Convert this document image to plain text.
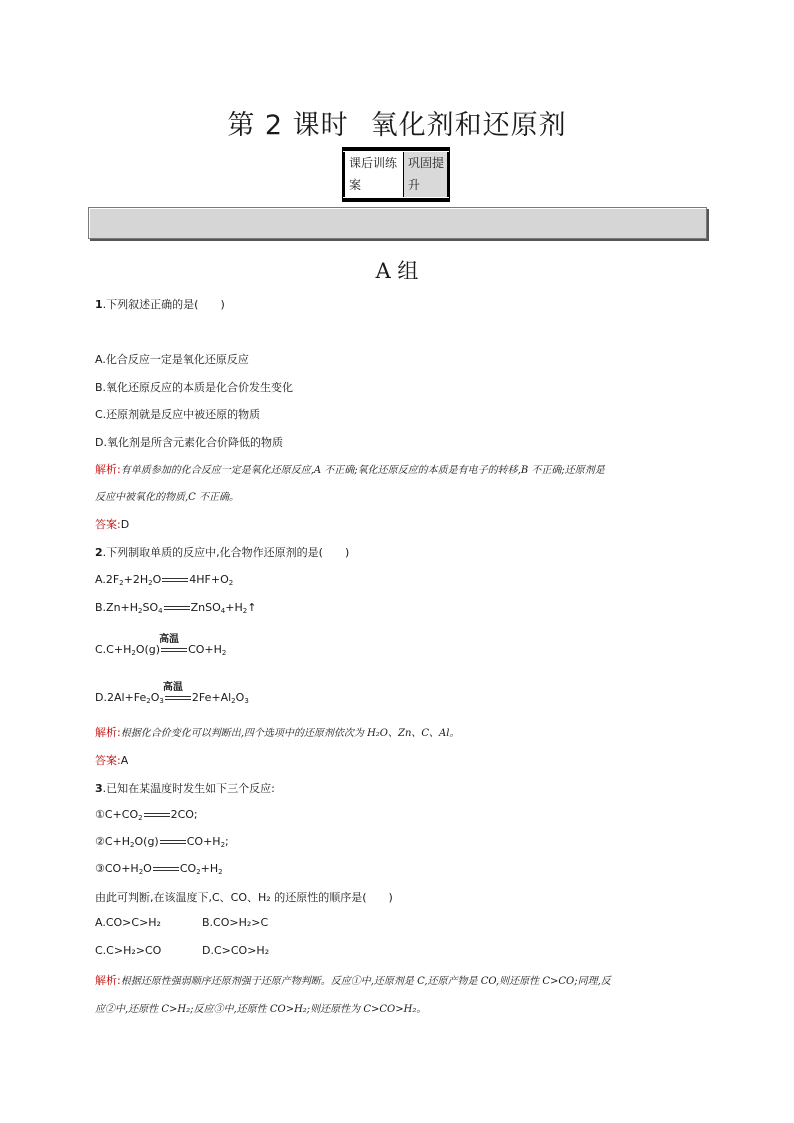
第 2 课时 氧化剂和还原剂
课后训练案
巩固提升
A 组
1.下列叙述正确的是(　　)
A.化合反应一定是氧化还原反应
B.氧化还原反应的本质是化合价发生变化
C.还原剂就是反应中被还原的物质
D.氧化剂是所含元素化合价降低的物质
解析:有单质参加的化合反应一定是氧化还原反应,A 不正确;氧化还原反应的本质是有电子的转移,B 不正确;还原剂是
反应中被氧化的物质,C 不正确。
答案:D
2.下列制取单质的反应中,化合物作还原剂的是(　　)
$A.2F_2+2H_2O$	$4HF+O_2$
$B.Zn+H_2SO_4$	$ZnSO_4+H_2↑$
$C.C+H_2O(g)$
高温
$CO+H_2$
$D.2Al+Fe_2O_3$
高温
$2Fe+Al_2O_3$
解析:根据化合价变化可以判断出,四个选项中的还原剂依次为 H₂O、Zn、C、Al。
答案:A
3.已知在某温度时发生如下三个反应:
$①C+CO_2$	2CO;
$②C+H_2O(g)$	$CO+H_2$;
$③CO+H_2O$	$CO_2+H_2$
由此可判断,在该温度下,C、CO、H₂ 的还原性的顺序是(　　)
A.CO>C>H₂	B.CO>H₂>C
C.C>H₂>CO	D.C>CO>H₂
解析:根据还原性强弱顺序还原剂强于还原产物判断。反应①中,还原剂是 C,还原产物是 CO,则还原性 C>CO;同理,反
应②中,还原性 C>H₂;反应③中,还原性 CO>H₂;则还原性为 C>CO>H₂。
